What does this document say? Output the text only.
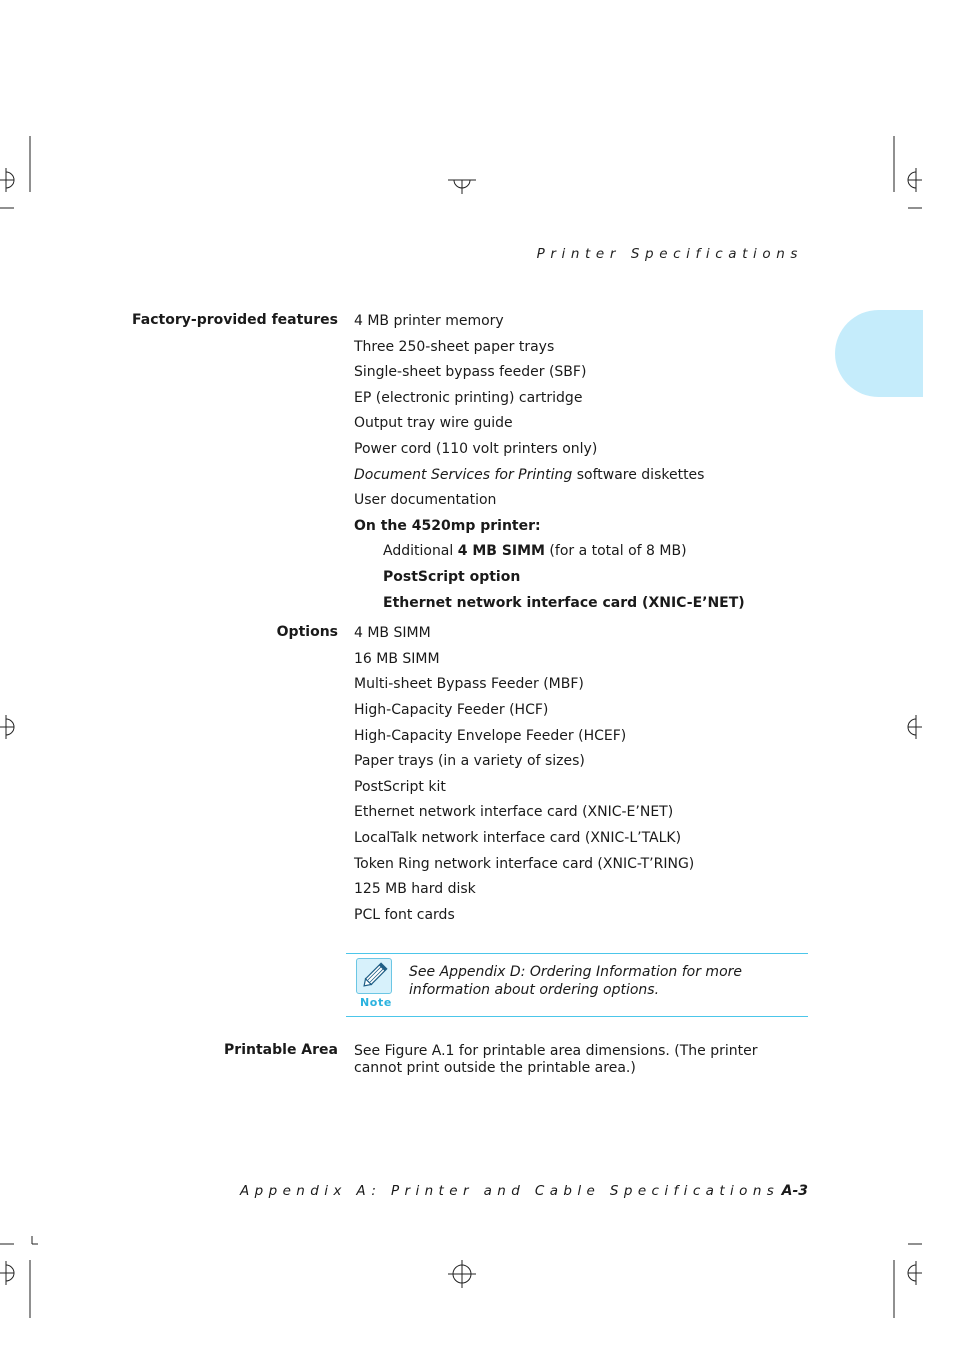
Printer Specifications
Factory-provided features 4 MB printer memory
Three 250-sheet paper trays
Single-sheet bypass feeder (SBF)
EP (electronic printing) cartridge
Output tray wire guide
Power cord (110 volt printers only)
Document Services for Printing software diskettes
User documentation
On the 4520mp printer:
Additional 4 MB SIMM (for a total of 8 MB)
PostScript option
Ethernet network interface card (XNIC-E’NET)
Options 4 MB SIMM
16 MB SIMM
Multi-sheet Bypass Feeder (MBF)
High-Capacity Feeder (HCF)
High-Capacity Envelope Feeder (HCEF)
Paper trays (in a variety of sizes)
PostScript kit
Ethernet network interface card (XNIC-E’NET)
LocalTalk network interface card (XNIC-L’TALK)
Token Ring network interface card (XNIC-T’RING)
125 MB hard disk
PCL font cards
Note
See Appendix D: Ordering Information for more information about ordering options.
Printable Area See Figure A.1 for printable area dimensions. (The printer cannot print outside the printable area.)
Appendix A: Printer and Cable Specifications A-3
